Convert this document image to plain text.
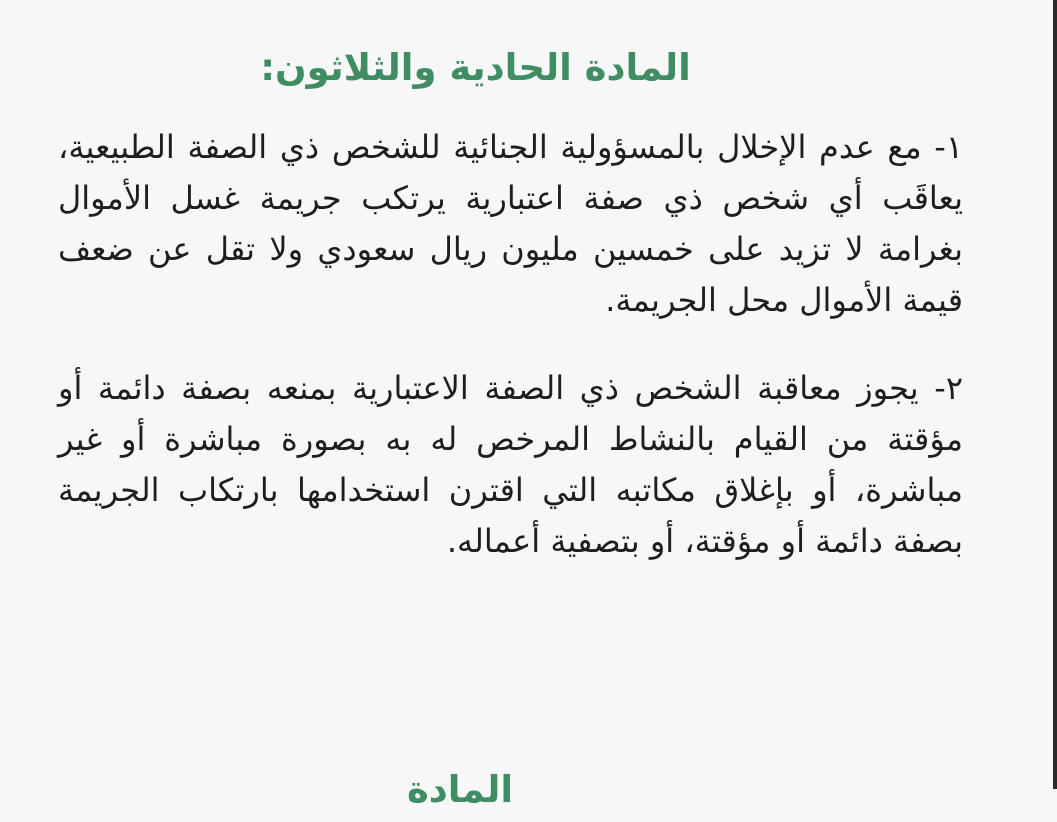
المادة الحادية والثلاثون:

١- مع عدم الإخلال بالمسؤولية الجنائية للشخص ذي الصفة الطبيعية، يعاقَب أي شخص ذي صفة اعتبارية يرتكب جريمة غسل الأموال بغرامة لا تزيد على خمسين مليون ريال سعودي ولا تقل عن ضعف قيمة الأموال محل الجريمة.

٢- يجوز معاقبة الشخص ذي الصفة الاعتبارية بمنعه بصفة دائمة أو مؤقتة من القيام بالنشاط المرخص له به بصورة مباشرة أو غير مباشرة، أو بإغلاق مكاتبه التي اقترن استخدامها بارتكاب الجريمة بصفة دائمة أو مؤقتة، أو بتصفية أعماله.

المادة
